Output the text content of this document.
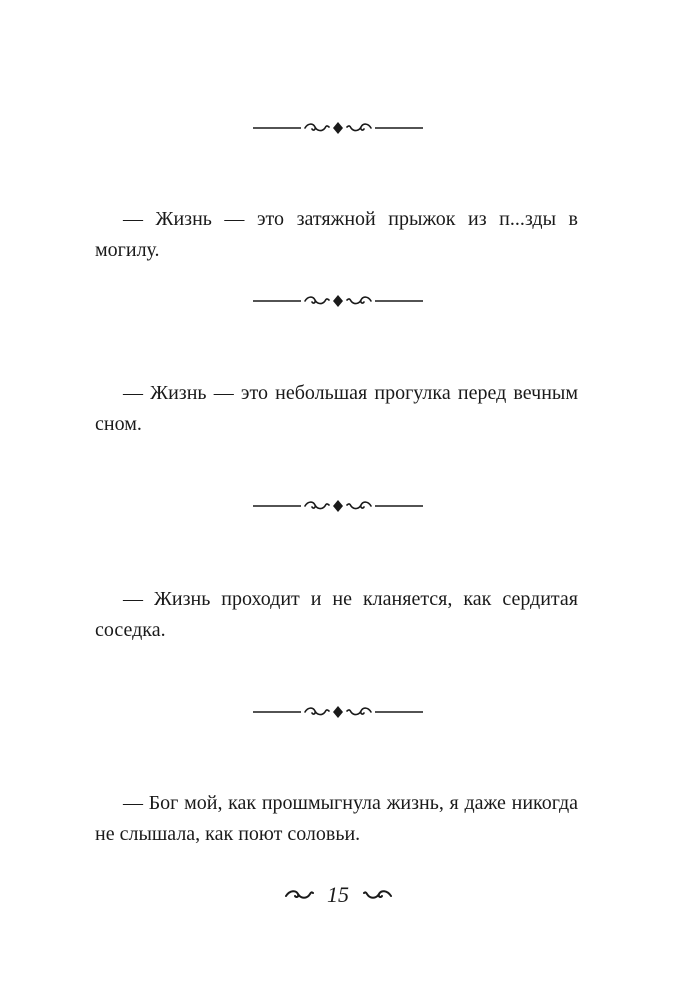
— Жизнь — это затяжной прыжок из п...зды в могилу.

— Жизнь — это небольшая прогулка перед вечным сном.

— Жизнь проходит и не кланяется, как сердитая соседка.

— Бог мой, как прошмыгнула жизнь, я даже никогда не слышала, как поют соловьи.

15
